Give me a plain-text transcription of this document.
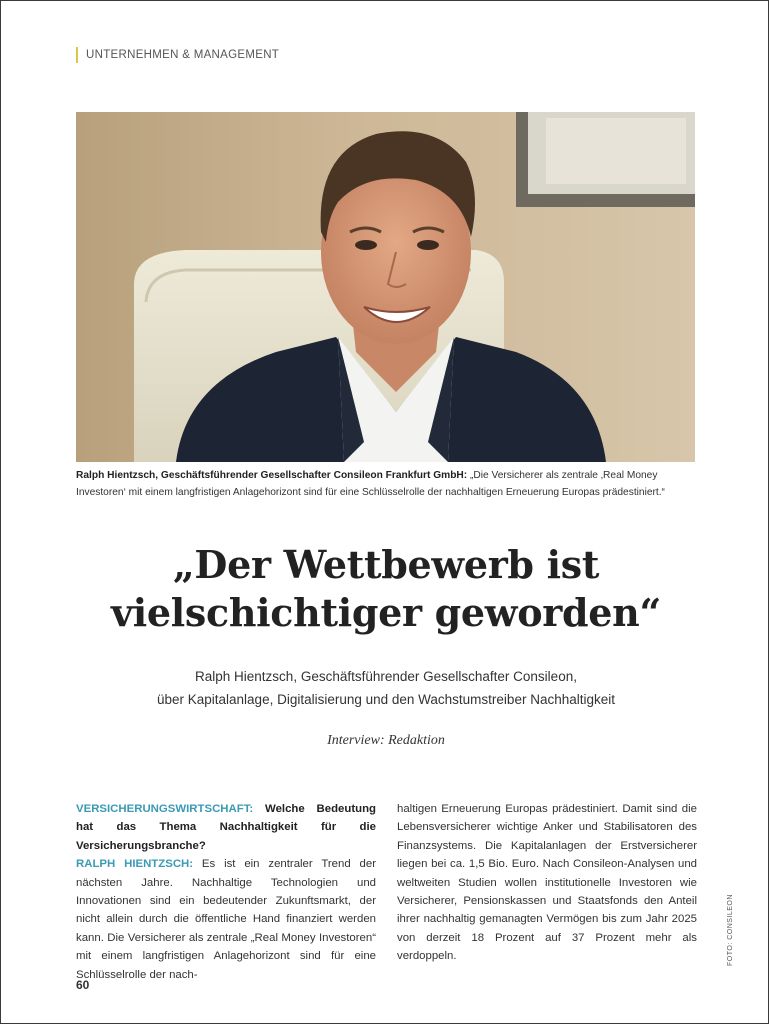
UNTERNEHMEN & MANAGEMENT
Ralph Hientzsch, Geschäftsführender Gesellschafter Consileon Frankfurt GmbH: „Die Versicherer als zentrale ‚Real Money Investoren‘ mit einem langfristigen Anlagehorizont sind für eine Schlüsselrolle der nachhaltigen Erneuerung Europas prädestiniert.“
„Der Wettbewerb ist
vielschichtiger geworden“
Ralph Hientzsch, Geschäftsführender Gesellschafter Consileon,
über Kapitalanlage, Digitalisierung und den Wachstumstreiber Nachhaltigkeit
Interview: Redaktion
VERSICHERUNGSWIRTSCHAFT: Welche Bedeutung hat das Thema Nachhaltigkeit für die Versicherungsbranche?
RALPH HIENTZSCH: Es ist ein zentraler Trend der nächsten Jahre. Nachhaltige Technologien und Innovationen sind ein bedeutender Zukunftsmarkt, der nicht allein durch die öffentliche Hand finanziert werden kann. Die Versicherer als zentrale „Real Money Investoren“ mit einem langfristigen Anlagehorizont sind für eine Schlüsselrolle der nach-
haltigen Erneuerung Europas prädestiniert. Damit sind die Lebensversicherer wichtige Anker und Stabilisatoren des Finanzsystems. Die Kapitalanlagen der Erstversicherer liegen bei ca. 1,5 Bio. Euro. Nach Consileon-Analysen und weltweiten Studien wollen institutionelle Investoren wie Versicherer, Pensionskassen und Staatsfonds den Anteil ihrer nachhaltig gemanagten Vermögen bis zum Jahr 2025 von derzeit 18 Prozent auf 37 Prozent mehr als verdoppeln.	FOTO: CONSILEON
60
